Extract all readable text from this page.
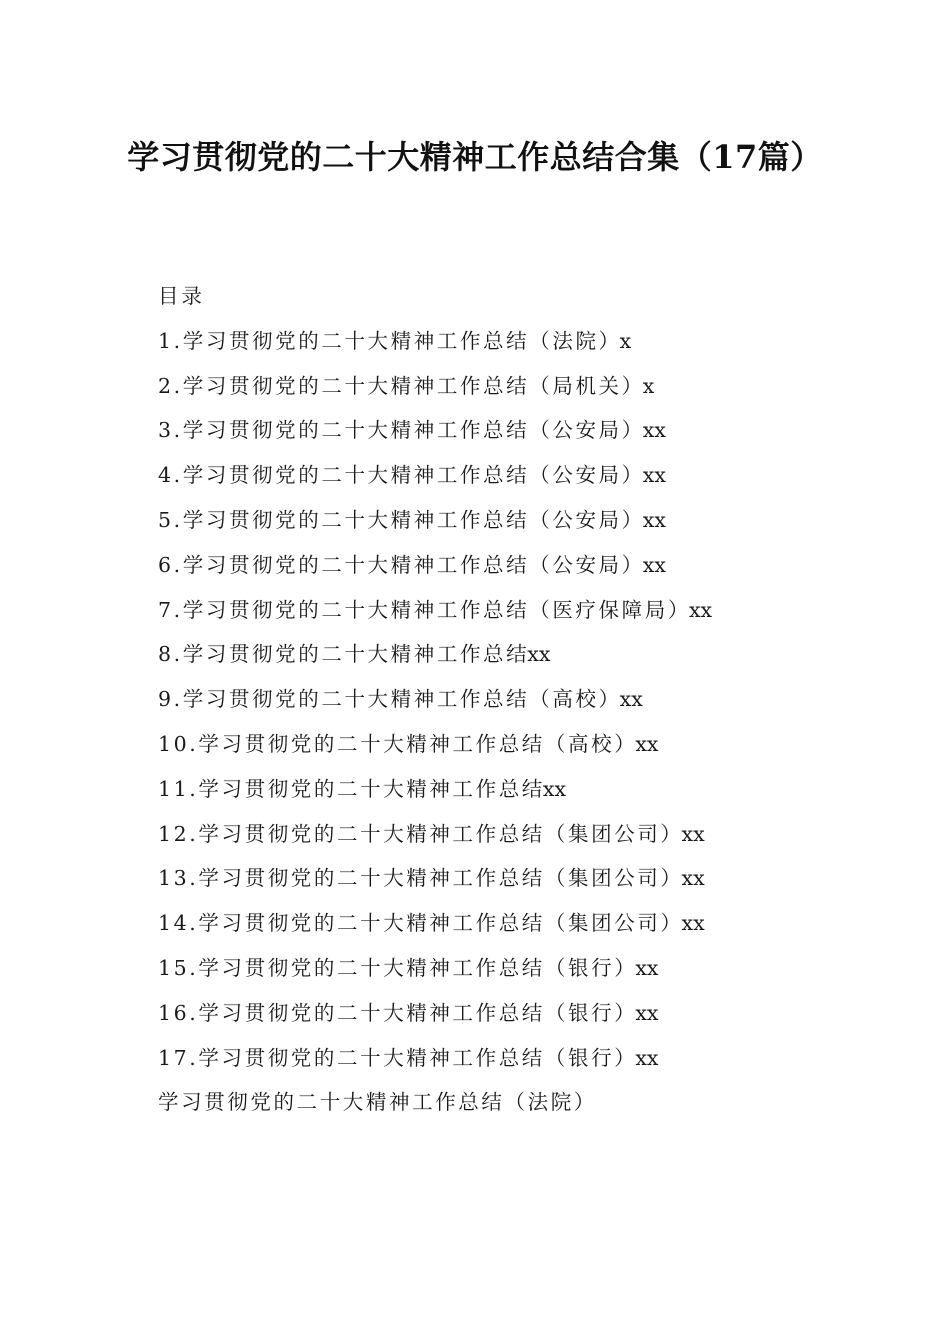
学习贯彻党的二十大精神工作总结合集（17篇）
目录
1.学习贯彻党的二十大精神工作总结（法院）x
2.学习贯彻党的二十大精神工作总结（局机关）x
3.学习贯彻党的二十大精神工作总结（公安局）xx
4.学习贯彻党的二十大精神工作总结（公安局）xx
5.学习贯彻党的二十大精神工作总结（公安局）xx
6.学习贯彻党的二十大精神工作总结（公安局）xx
7.学习贯彻党的二十大精神工作总结（医疗保障局）xx
8.学习贯彻党的二十大精神工作总结xx
9.学习贯彻党的二十大精神工作总结（高校）xx
10.学习贯彻党的二十大精神工作总结（高校）xx
11.学习贯彻党的二十大精神工作总结xx
12.学习贯彻党的二十大精神工作总结（集团公司）xx
13.学习贯彻党的二十大精神工作总结（集团公司）xx
14.学习贯彻党的二十大精神工作总结（集团公司）xx
15.学习贯彻党的二十大精神工作总结（银行）xx
16.学习贯彻党的二十大精神工作总结（银行）xx
17.学习贯彻党的二十大精神工作总结（银行）xx
学习贯彻党的二十大精神工作总结（法院）
